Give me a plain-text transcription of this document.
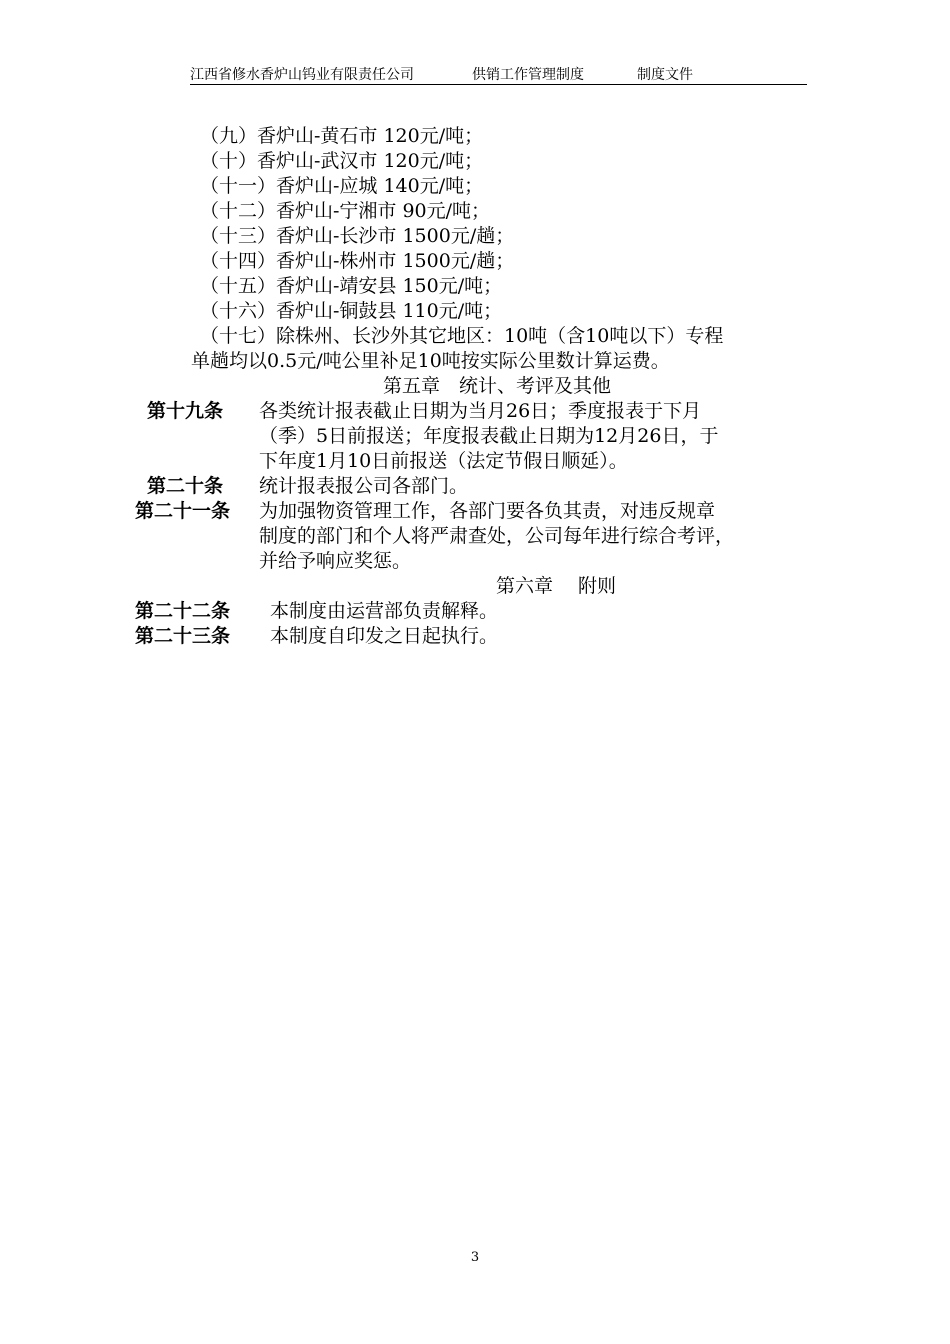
江西省修水香炉山钨业有限责任公司	供销工作管理制度	制度文件
（九）香炉山-黄石市 120元/吨；
（十）香炉山-武汉市 120元/吨；
（十一）香炉山-应城 140元/吨；
（十二）香炉山-宁湘市 90元/吨；
（十三）香炉山-长沙市 1500元/趟；
（十四）香炉山-株州市 1500元/趟；
（十五）香炉山-靖安县 150元/吨；
（十六）香炉山-铜鼓县 110元/吨；
（十七）除株州、长沙外其它地区：10吨（含10吨以下）专程
单趟均以0.5元/吨公里补足10吨按实际公里数计算运费。
第五章　统计、考评及其他
第十九条 各类统计报表截止日期为当月26日；季度报表于下月
（季）5日前报送；年度报表截止日期为12月26日，于
下年度1月10日前报送（法定节假日顺延）。
第二十条 统计报表报公司各部门。
第二十一条 为加强物资管理工作，各部门要各负其责，对违反规章
制度的部门和个人将严肃查处，公司每年进行综合考评，
并给予响应奖惩。
第六章　 附则
第二十二条 本制度由运营部负责解释。
第二十三条 本制度自印发之日起执行。
3
